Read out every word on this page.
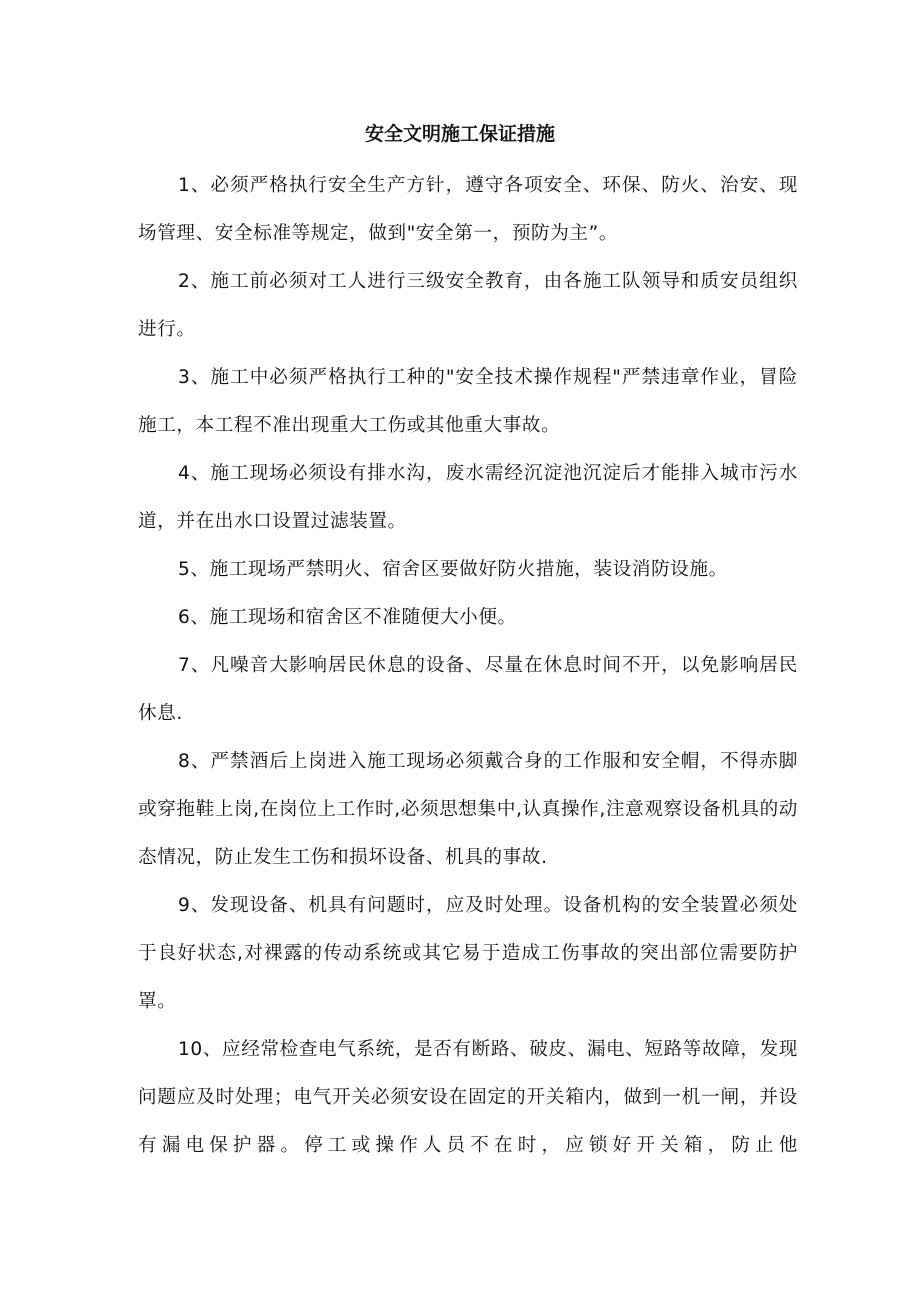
安全文明施工保证措施

1、必须严格执行安全生产方针，遵守各项安全、环保、防火、治安、现场管理、安全标准等规定，做到"安全第一，预防为主”。

2、施工前必须对工人进行三级安全教育，由各施工队领导和质安员组织进行。

3、施工中必须严格执行工种的"安全技术操作规程"严禁违章作业，冒险施工，本工程不准出现重大工伤或其他重大事故。

4、施工现场必须设有排水沟，废水需经沉淀池沉淀后才能排入城市污水道，并在出水口设置过滤装置。

5、施工现场严禁明火、宿舍区要做好防火措施，装设消防设施。

6、施工现场和宿舍区不准随便大小便。

7、凡噪音大影响居民休息的设备、尽量在休息时间不开，以免影响居民休息.

8、严禁酒后上岗进入施工现场必须戴合身的工作服和安全帽，不得赤脚或穿拖鞋上岗,在岗位上工作时,必须思想集中,认真操作,注意观察设备机具的动态情况，防止发生工伤和损坏设备、机具的事故.

9、发现设备、机具有问题时，应及时处理。设备机构的安全装置必须处于良好状态,对裸露的传动系统或其它易于造成工伤事故的突出部位需要防护罩。

10、应经常检查电气系统，是否有断路、破皮、漏电、短路等故障，发现问题应及时处理；电气开关必须安设在固定的开关箱内，做到一机一闸，并设有漏电保护器。停工或操作人员不在时，应锁好开关箱，防止他
